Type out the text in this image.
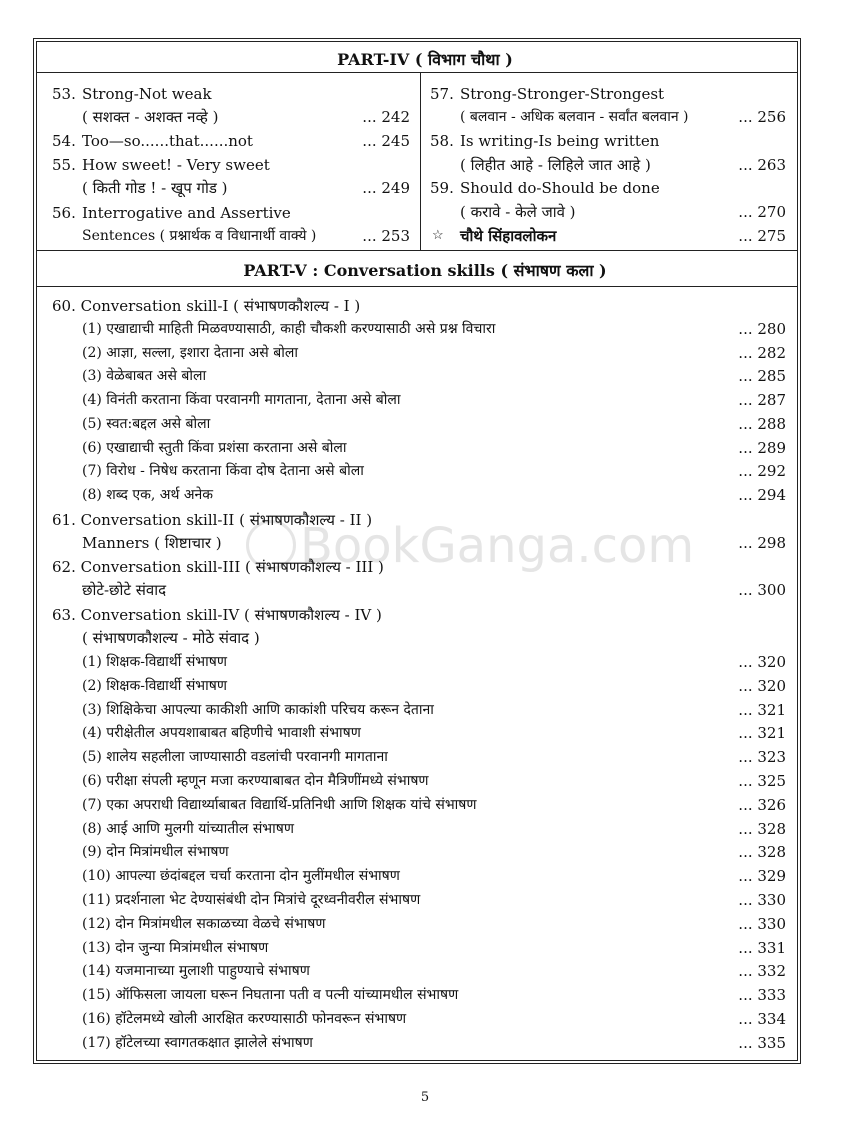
BookGanga.com
PART-IV ( विभाग चौथा )
53. Strong-Not weak
( सशक्त - अशक्त नव्हे )	... 242
54. Too—so......that......not	... 245
55. How sweet! - Very sweet
( किती गोड ! - खूप गोड )	... 249
56. Interrogative and Assertive
Sentences ( प्रश्नार्थक व विधानार्थी वाक्ये )	... 253
57. Strong-Stronger-Strongest
( बलवान - अधिक बलवान - सर्वांत बलवान )	... 256
58. Is writing-Is being written
( लिहीत आहे - लिहिले जात आहे )	... 263
59. Should do-Should be done
( करावे - केले जावे )	... 270
☆ चौथे सिंहावलोकन	... 275
PART-V : Conversation skills ( संभाषण कला )
60. Conversation skill-I ( संभाषणकौशल्य - I )
(1) एखाद्याची माहिती मिळवण्यासाठी, काही चौकशी करण्यासाठी असे प्रश्न विचारा	... 280
(2) आज्ञा, सल्ला, इशारा देताना असे बोला	... 282
(3) वेळेबाबत असे बोला	... 285
(4) विनंती करताना किंवा परवानगी मागताना, देताना असे बोला	... 287
(5) स्वत:बद्दल असे बोला	... 288
(6) एखाद्याची स्तुती किंवा प्रशंसा करताना असे बोला	... 289
(7) विरोध - निषेध करताना किंवा दोष देताना असे बोला	... 292
(8) शब्द एक, अर्थ अनेक	... 294
61. Conversation skill-II ( संभाषणकौशल्य - II )
Manners ( शिष्टाचार )	... 298
62. Conversation skill-III ( संभाषणकौशल्य - III )
छोटे-छोटे संवाद	... 300
63. Conversation skill-IV ( संभाषणकौशल्य - IV )
( संभाषणकौशल्य - मोठे संवाद )
(1) शिक्षक-विद्यार्थी संभाषण	... 320
(2) शिक्षक-विद्यार्थी संभाषण	... 320
(3) शिक्षिकेचा आपल्या काकीशी आणि काकांशी परिचय करून देताना	... 321
(4) परीक्षेतील अपयशाबाबत बहिणीचे भावाशी संभाषण	... 321
(5) शालेय सहलीला जाण्यासाठी वडलांची परवानगी मागताना	... 323
(6) परीक्षा संपली म्हणून मजा करण्याबाबत दोन मैत्रिणींमध्ये संभाषण	... 325
(7) एका अपराधी विद्यार्थ्याबाबत विद्यार्थि-प्रतिनिधी आणि शिक्षक यांचे संभाषण	... 326
(8) आई आणि मुलगी यांच्यातील संभाषण	... 328
(9) दोन मित्रांमधील संभाषण	... 328
(10) आपल्या छंदांबद्दल चर्चा करताना दोन मुलींमधील संभाषण	... 329
(11) प्रदर्शनाला भेट देण्यासंबंधी दोन मित्रांचे दूरध्वनीवरील संभाषण	... 330
(12) दोन मित्रांमधील सकाळच्या वेळचे संभाषण	... 330
(13) दोन जुन्या मित्रांमधील संभाषण	... 331
(14) यजमानाच्या मुलाशी पाहुण्याचे संभाषण	... 332
(15) ऑफिसला जायला घरून निघताना पती व पत्नी यांच्यामधील संभाषण	... 333
(16) हॉटेलमध्ये खोली आरक्षित करण्यासाठी फोनवरून संभाषण	... 334
(17) हॉटेलच्या स्वागतकक्षात झालेले संभाषण	... 335
5
